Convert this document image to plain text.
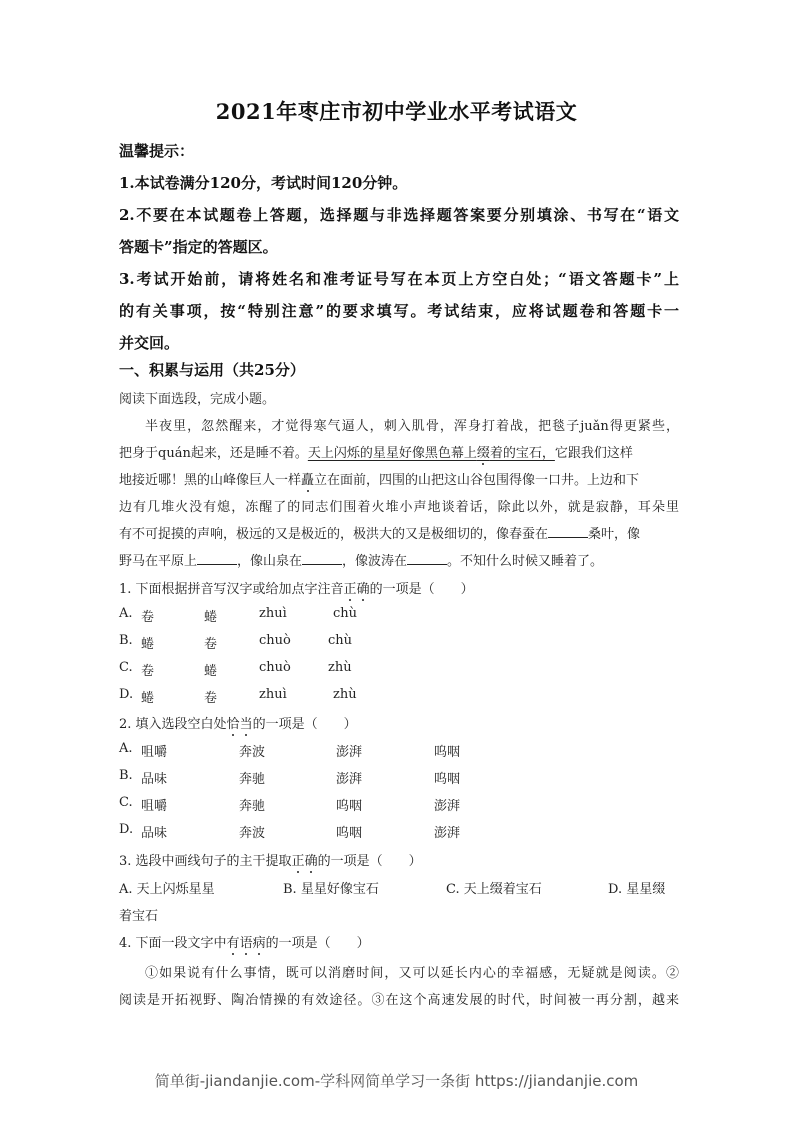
2021年枣庄市初中学业水平考试语文
温馨提示：
1.本试卷满分120分，考试时间120分钟。
2.不要在本试题卷上答题，选择题与非选择题答案要分别填涂、书写在“语文
答题卡”指定的答题区。
3.考试开始前，请将姓名和准考证号写在本页上方空白处；“语文答题卡”上
的有关事项，按“特别注意”的要求填写。考试结束，应将试题卷和答题卡一
并交回。
一、积累与运用（共25分）
阅读下面选段，完成小题。
半夜里，忽然醒来，才觉得寒气逼人，刺入肌骨，浑身打着战，把毯子juǎn得更紧些，
把身于quán起来，还是睡不着。天上闪烁的星星好像黑色幕上缀着的宝石，它跟我们这样
地接近哪！黑的山峰像巨人一样矗立在面前，四围的山把这山谷包围得像一口井。上边和下
边有几堆火没有熄，冻醒了的同志们围着火堆小声地谈着话，除此以外，就是寂静，耳朵里
有不可捉摸的声响，极远的又是极近的，极洪大的又是极细切的，像春蚕在	桑叶，像
野马在平原上	，像山泉在	，像波涛在	。不知什么时候又睡着了。
1. 下面根据拼音写汉字或给加点字注音正确的一项是（　　）
A. 卷	蜷	zhuì	chù
B. 蜷	卷	chuò	chù
C. 卷	蜷	chuò	zhù
D. 蜷	卷	zhuì	zhù
2. 填入选段空白处恰当的一项是（　　）
A. 咀嚼	奔波	澎湃	呜咽
B. 品味	奔驰	澎湃	呜咽
C. 咀嚼	奔驰	呜咽	澎湃
D. 品味	奔波	呜咽	澎湃
3. 选段中画线句子的主干提取正确的一项是（　　）
A. 天上闪烁星星	B. 星星好像宝石	C. 天上缀着宝石	D. 星星缀
着宝石
4. 下面一段文字中有语病的一项是（　　）
①如果说有什么事情，既可以消磨时间，又可以延长内心的幸福感，无疑就是阅读。②
阅读是开拓视野、陶冶情操的有效途径。③在这个高速发展的时代，时间被一再分割，越来
简单街-jiandanjie.com-学科网简单学习一条街 https://jiandanjie.com
